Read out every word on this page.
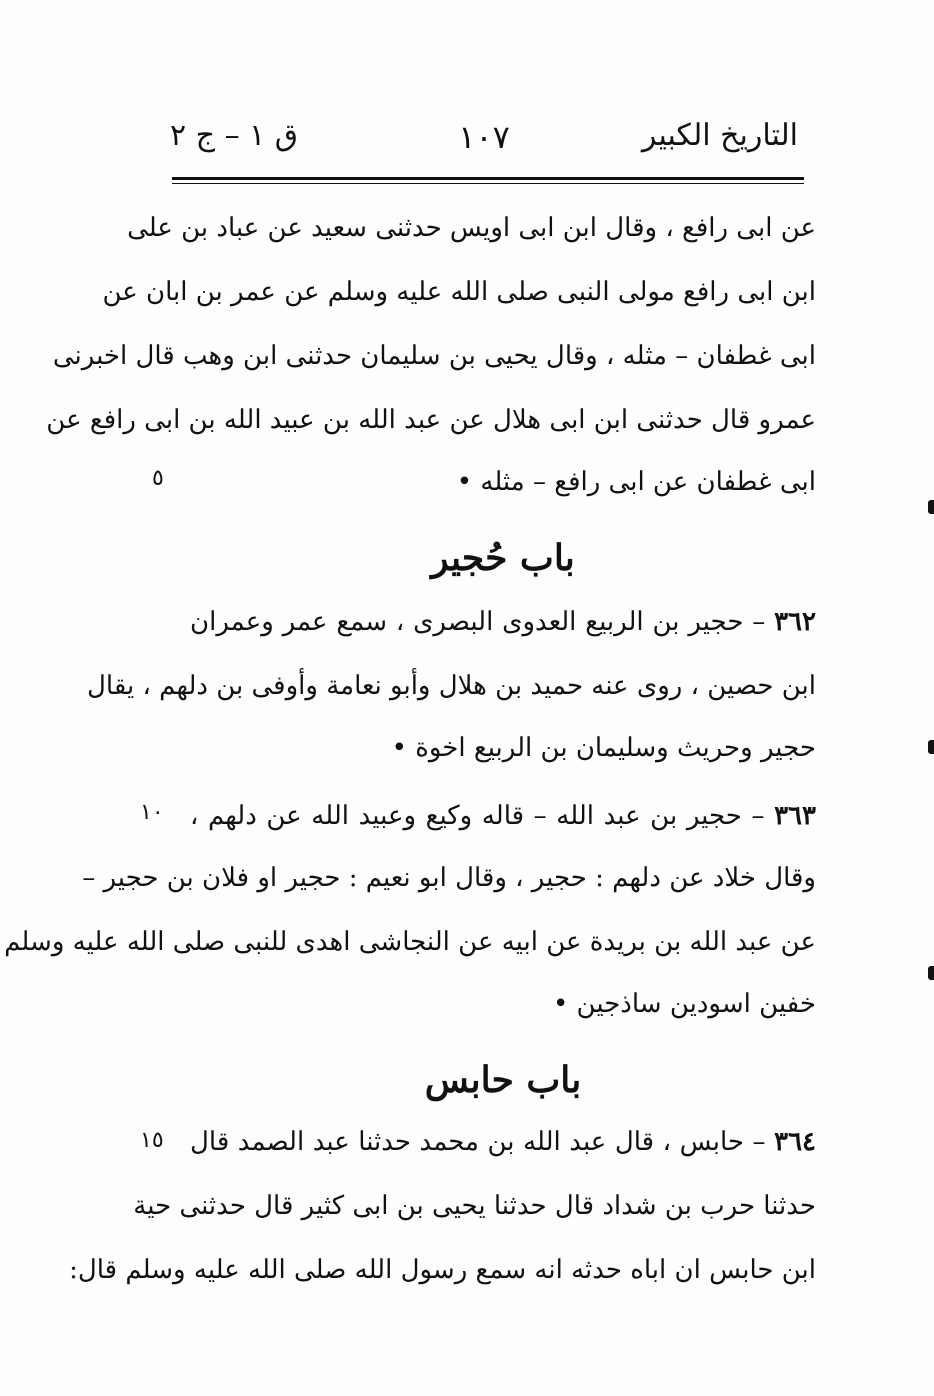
التاريخ الكبير
١٠٧
ق ١ – ج ٢
عن ابى رافع ، وقال ابن ابى اويس حدثنى سعيد عن عباد بن على
ابن ابى رافع مولى النبى صلى الله عليه وسلم عن عمر بن ابان عن
ابى غطفان – مثله ، وقال يحيى بن سليمان حدثنى ابن وهب قال اخبرنى
عمرو قال حدثنى ابن ابى هلال عن عبد الله بن عبيد الله بن ابى رافع عن
ابى غطفان عن ابى رافع – مثله •
باب حُجير
٣٦٢ – حجير بن الربيع العدوى البصرى ، سمع عمر وعمران
ابن حصين ، روى عنه حميد بن هلال وأبو نعامة وأوفى بن دلهم ، يقال
حجير وحريث وسليمان بن الربيع اخوة •
٣٦٣ – حجير بن عبد الله – قاله وكيع وعبيد الله عن دلهم ،
وقال خلاد عن دلهم : حجير ، وقال ابو نعيم : حجير او فلان بن حجير –
عن عبد الله بن بريدة عن ابيه عن النجاشى اهدى للنبى صلى الله عليه وسلم
خفين اسودين ساذجين •
باب حابس
٣٦٤ – حابس ، قال عبد الله بن محمد حدثنا عبد الصمد قال
حدثنا حرب بن شداد قال حدثنا يحيى بن ابى كثير قال حدثنى حية
ابن حابس ان اباه حدثه انه سمع رسول الله صلى الله عليه وسلم قال:
٥
١٠
١٥
